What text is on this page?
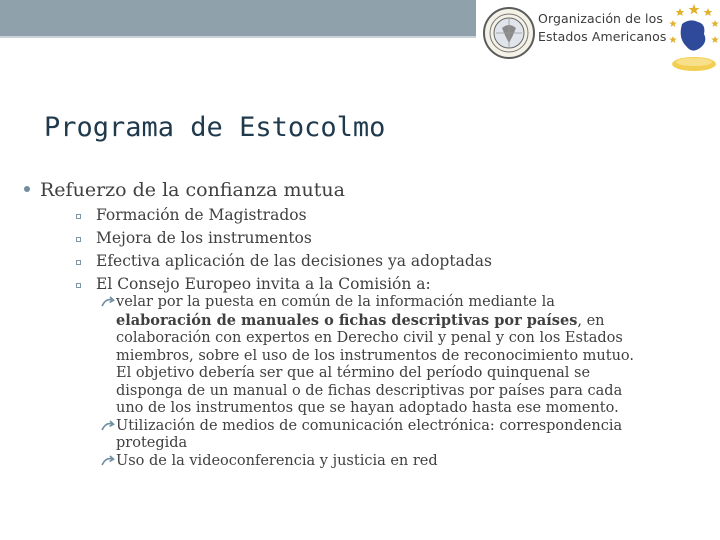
Organización de los
Estados Americanos
Programa de Estocolmo
Refuerzo de la confianza mutua
Formación de Magistrados
Mejora de los instrumentos
Efectiva aplicación de las decisiones ya adoptadas
El Consejo Europeo invita a la Comisión a:
velar por la puesta en común de la información mediante la
elaboración de manuales o fichas descriptivas por países, en
colaboración con expertos en Derecho civil y penal y con los Estados
miembros, sobre el uso de los instrumentos de reconocimiento mutuo.
El objetivo debería ser que al término del período quinquenal se
disponga de un manual o de fichas descriptivas por países para cada
uno de los instrumentos que se hayan adoptado hasta ese momento.
Utilización de medios de comunicación electrónica: correspondencia
protegida
Uso de la videoconferencia y justicia en red
